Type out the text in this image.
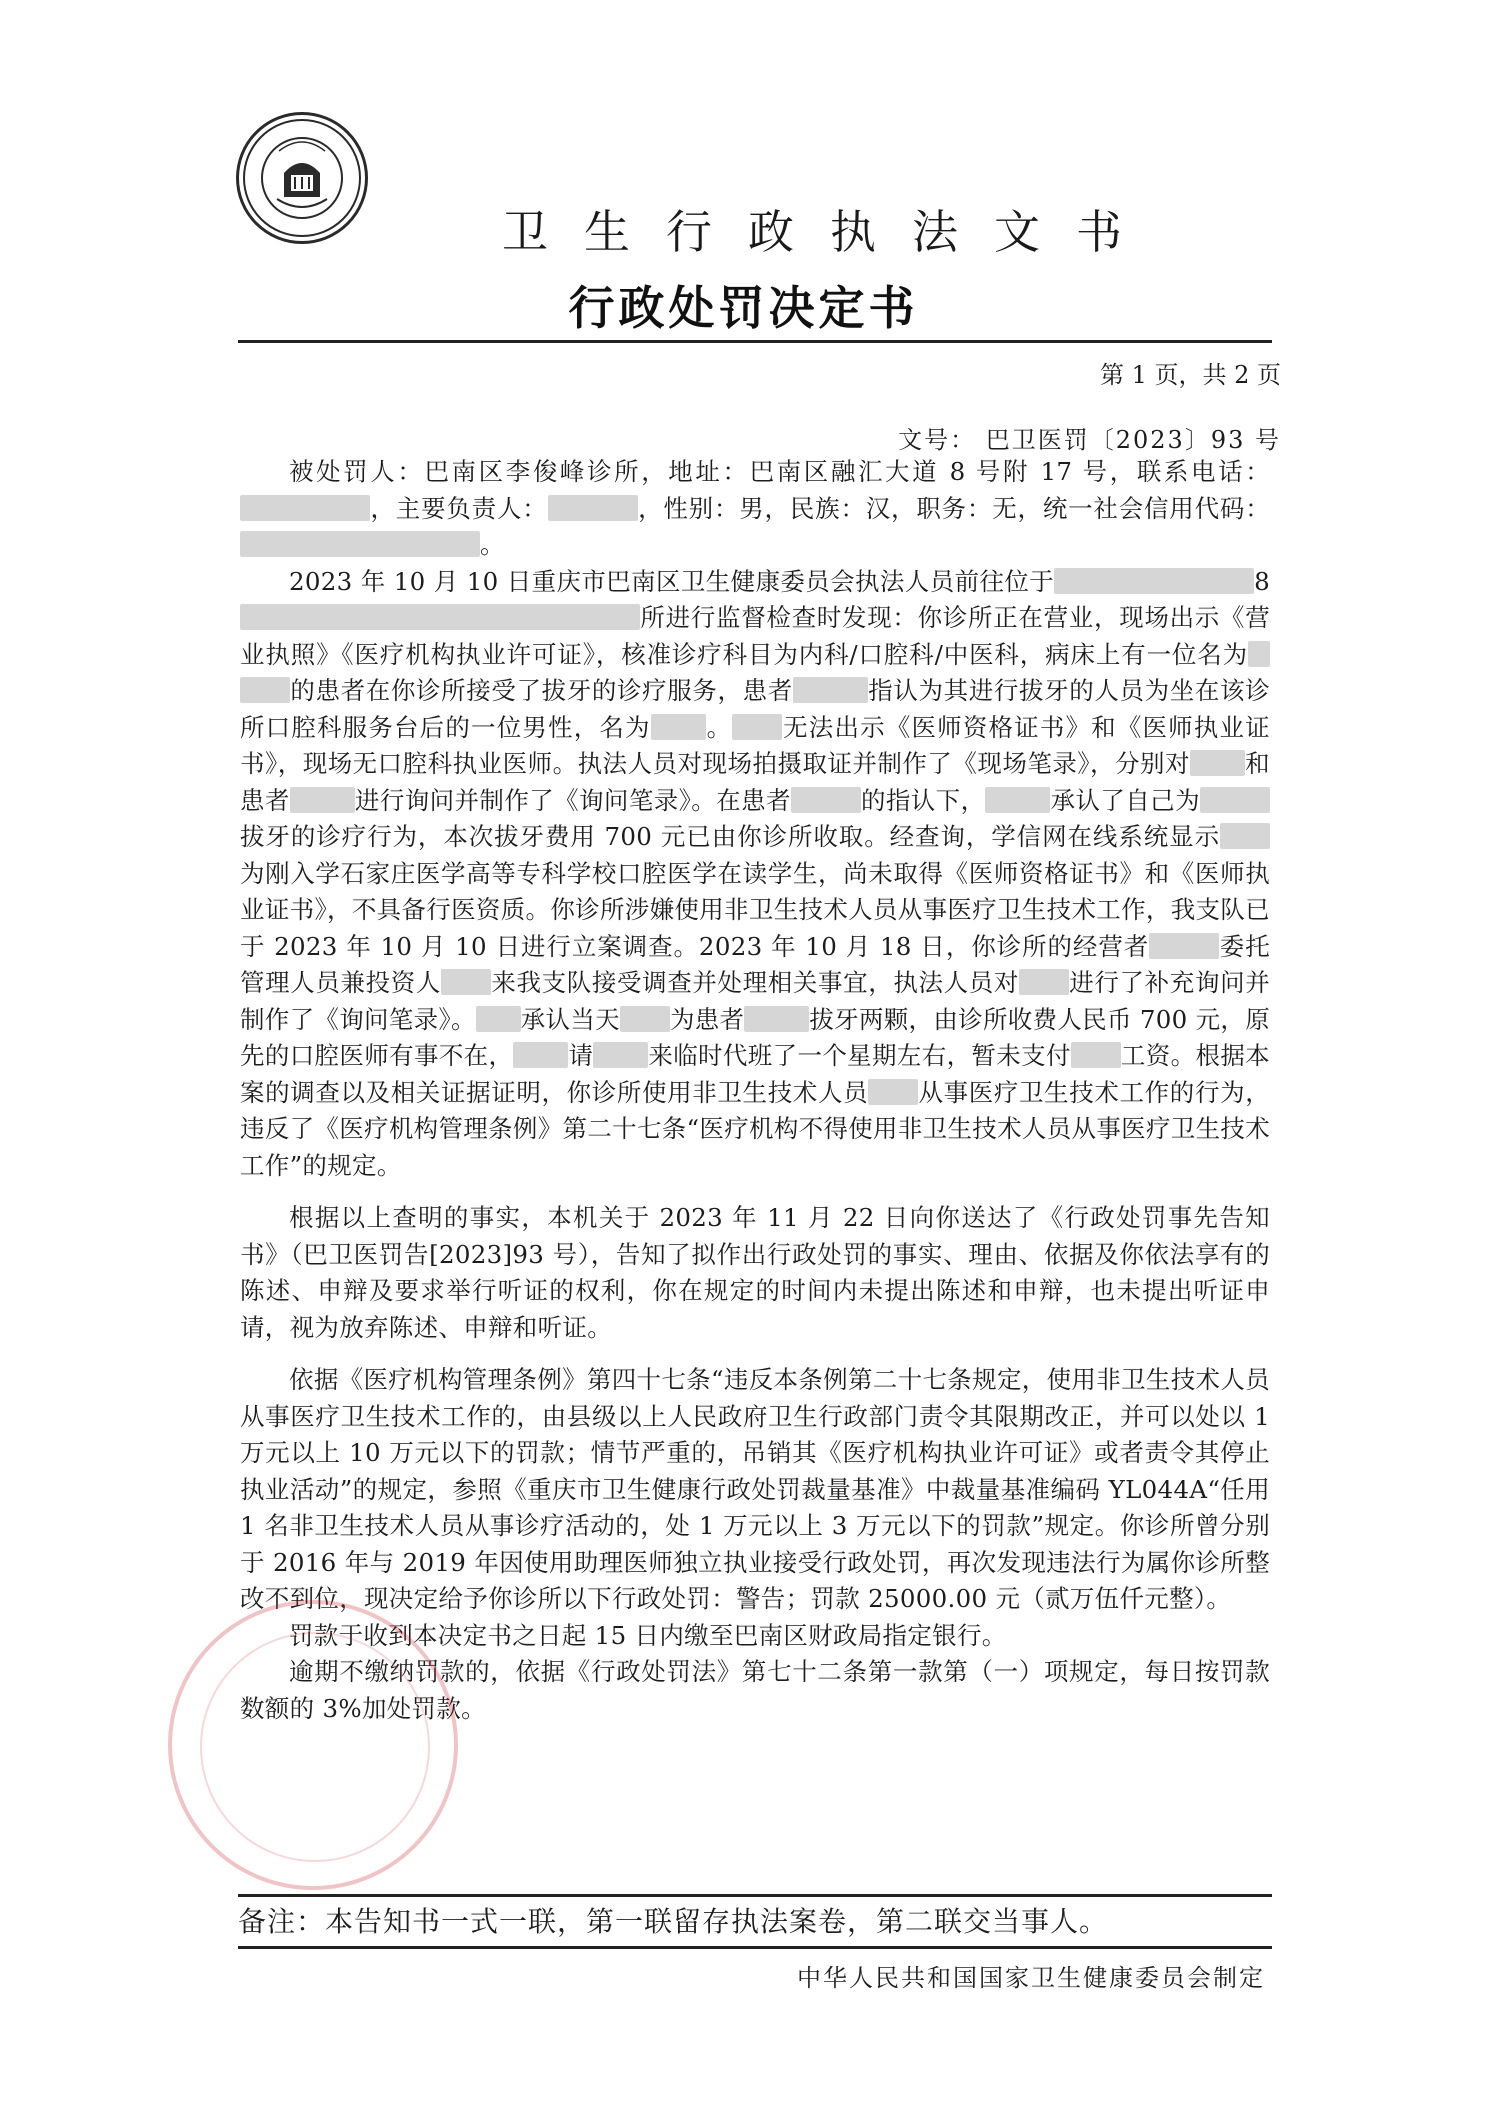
卫生行政执法文书
行政处罚决定书
第 1 页，共 2 页
文号： 巴卫医罚〔2023〕93 号

被处罚人：巴南区李俊峰诊所，地址：巴南区融汇大道 8 号附 17 号，联系电话：，主要负责人：	，性别：男，民族：汉，职务：无，统一社会信用代码：。

2023 年 10 月 10 日重庆市巴南区卫生健康委员会执法人员前往位于	8所进行监督检查时发现：你诊所正在营业，现场出示《营业执照》《医疗机构执业许可证》，核准诊疗科目为内科/口腔科/中医科，病床上有一位名为的患者在你诊所接受了拔牙的诊疗服务，患者	指认为其进行拔牙的人员为坐在该诊所口腔科服务台后的一位男性，名为 。 无法出示《医师资格证书》和《医师执业证书》，现场无口腔科执业医师。执法人员对现场拍摄取证并制作了《现场笔录》，分别对 和患者	进行询问并制作了《询问笔录》。在患者	的指认下，	承认了自己为拔牙的诊疗行为，本次拔牙费用 700 元已由你诊所收取。经查询，学信网在线系统显示为刚入学石家庄医学高等专科学校口腔医学在读学生，尚未取得《医师资格证书》和《医师执业证书》，不具备行医资质。你诊所涉嫌使用非卫生技术人员从事医疗卫生技术工作，我支队已于 2023 年 10 月 10 日进行立案调查。2023 年 10 月 18 日，你诊所的经营者	委托管理人员兼投资人 来我支队接受调查并处理相关事宜，执法人员对 进行了补充询问并制作了《询问笔录》。 承认当天 为患者	拔牙两颗，由诊所收费人民币 700 元，原先的口腔医师有事不在， 请 来临时代班了一个星期左右，暂未支付 工资。根据本案的调查以及相关证据证明，你诊所使用非卫生技术人员 从事医疗卫生技术工作的行为，违反了《医疗机构管理条例》第二十七条“医疗机构不得使用非卫生技术人员从事医疗卫生技术工作”的规定。

根据以上查明的事实，本机关于 2023 年 11 月 22 日向你送达了《行政处罚事先告知书》（巴卫医罚告[2023]93 号），告知了拟作出行政处罚的事实、理由、依据及你依法享有的陈述、申辩及要求举行听证的权利，你在规定的时间内未提出陈述和申辩，也未提出听证申请，视为放弃陈述、申辩和听证。

依据《医疗机构管理条例》第四十七条“违反本条例第二十七条规定，使用非卫生技术人员从事医疗卫生技术工作的，由县级以上人民政府卫生行政部门责令其限期改正，并可以处以 1 万元以上 10 万元以下的罚款；情节严重的，吊销其《医疗机构执业许可证》或者责令其停止执业活动”的规定，参照《重庆市卫生健康行政处罚裁量基准》中裁量基准编码 YL044A“任用 1 名非卫生技术人员从事诊疗活动的，处 1 万元以上 3 万元以下的罚款”规定。你诊所曾分别于 2016 年与 2019 年因使用助理医师独立执业接受行政处罚，再次发现违法行为属你诊所整改不到位，现决定给予你诊所以下行政处罚：警告；罚款 25000.00 元（贰万伍仟元整）。

罚款于收到本决定书之日起 15 日内缴至巴南区财政局指定银行。

逾期不缴纳罚款的，依据《行政处罚法》第七十二条第一款第（一）项规定，每日按罚款数额的 3%加处罚款。

备注：本告知书一式一联，第一联留存执法案卷，第二联交当事人。
中华人民共和国国家卫生健康委员会制定
